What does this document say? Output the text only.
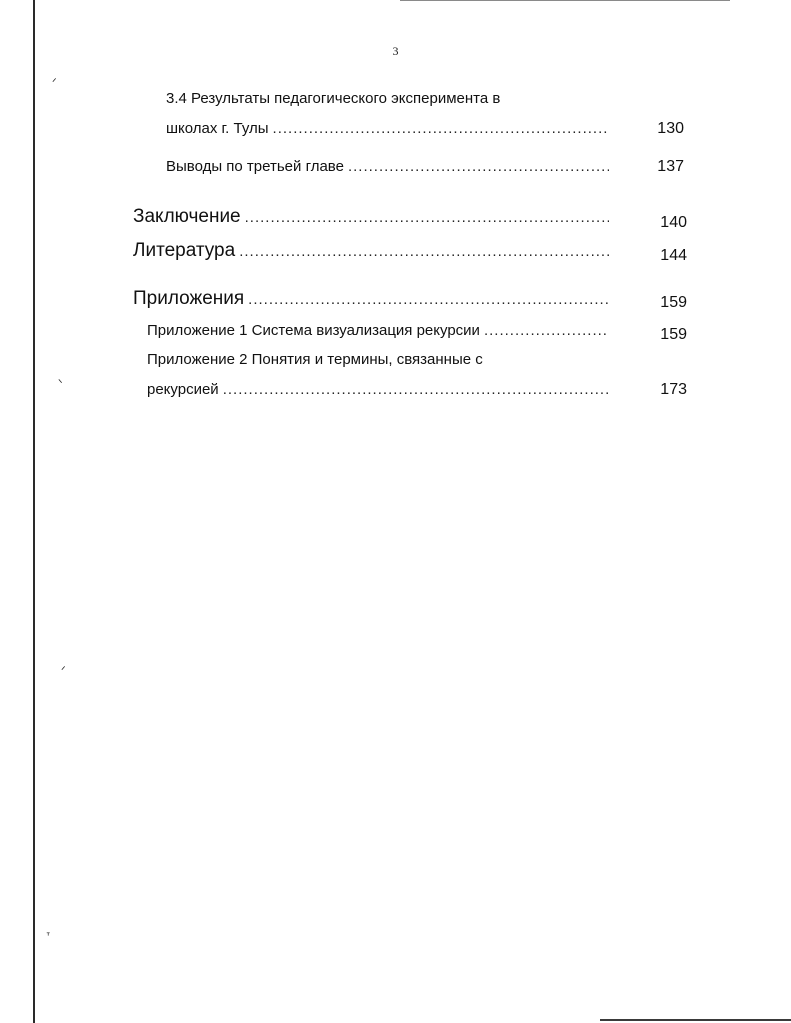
ᐟ
ᐠ
ᐟ
ᐪ
3
3.4 Результаты педагогического эксперимента в
школах г. Тулы .....	130
Выводы по третьей главе .....	137
Заключение .....	140
Литература .....	144
Приложения .....	159
Приложение 1 Система визуализация рекурсии .....	159
Приложение 2 Понятия и термины, связанные с
рекурсией .....	173
